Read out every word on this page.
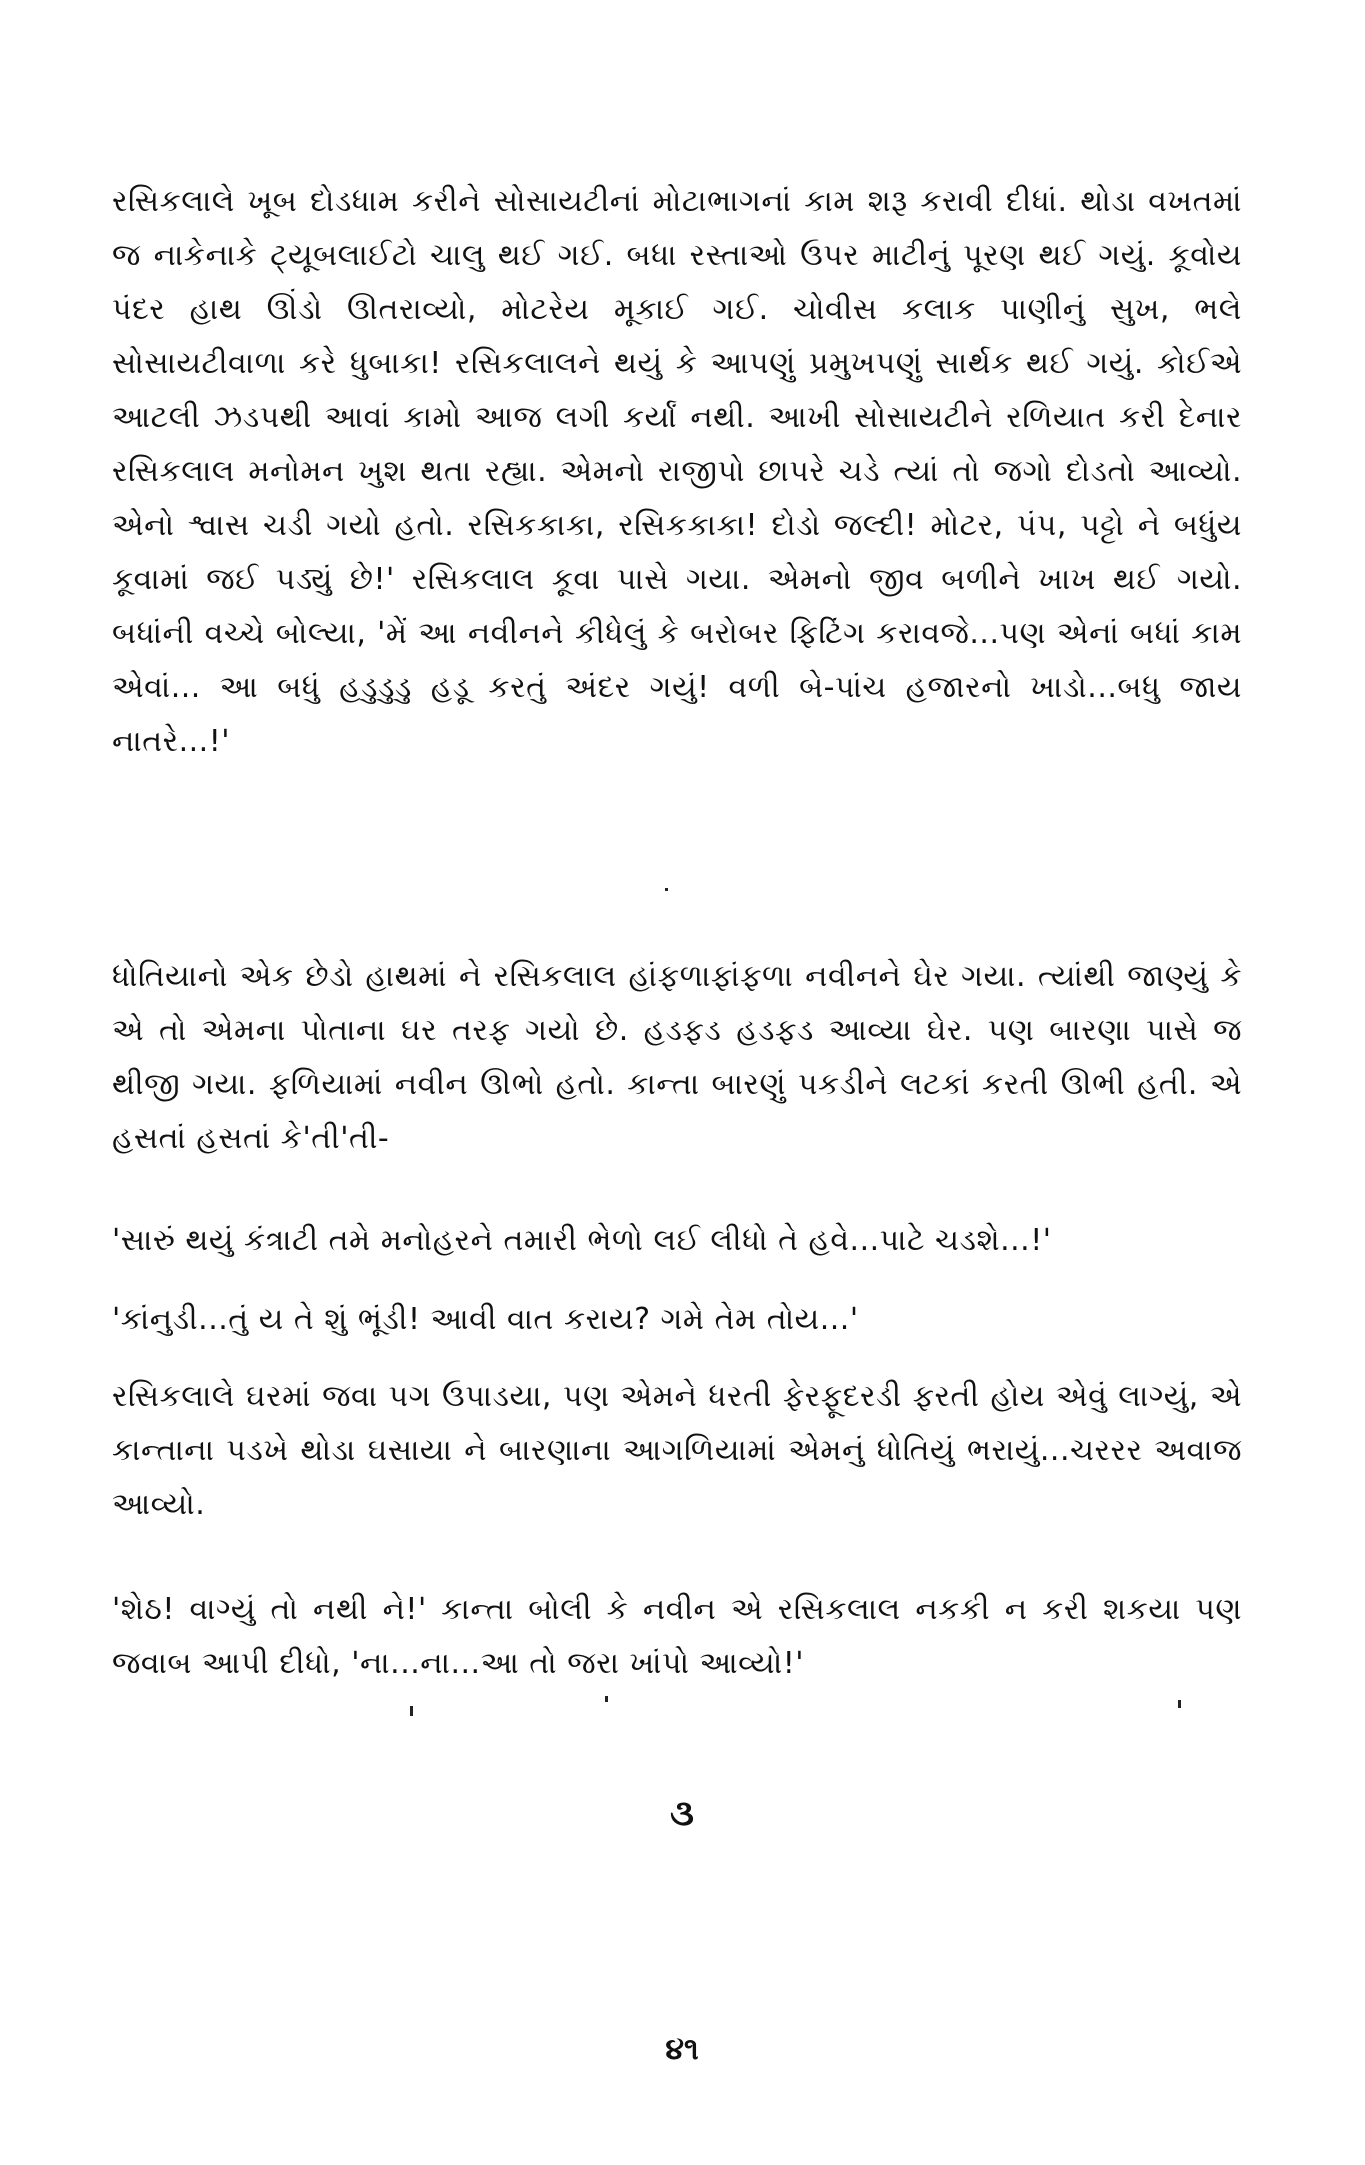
રસિકલાલે ખૂબ દોડધામ કરીને સોસાયટીનાં મોટાભાગનાં કામ શરૂ કરાવી દીધાં. થોડા વખતમાં જ નાકેનાકે ટ્યૂબલાઈટો ચાલુ થઈ ગઈ. બધા રસ્તાઓ ઉપર માટીનું પૂરણ થઈ ગયું. કૂવોય પંદર હાથ ઊંડો ઊતરાવ્યો, મોટરેય મૂકાઈ ગઈ. ચોવીસ કલાક પાણીનું સુખ, ભલે સોસાયટીવાળા કરે ધુબાકા! રસિકલાલને થયું કે આપણું પ્રમુખપણું સાર્થક થઈ ગયું. કોઈએ આટલી ઝડપથી આવાં કામો આજ લગી કર્યાં નથી. આખી સોસાયટીને રળિયાત કરી દેનાર રસિકલાલ મનોમન ખુશ થતા રહ્યા. એમનો રાજીપો છાપરે ચડે ત્યાં તો જગો દોડતો આવ્યો. એનો શ્વાસ ચડી ગયો હતો. રસિકકાકા, રસિકકાકા! દોડો જલ્દી! મોટર, પંપ, પટ્ટો ને બધુંય કૂવામાં જઈ પડ્યું છે!' રસિકલાલ કૂવા પાસે ગયા. એમનો જીવ બળીને ખાખ થઈ ગયો. બધાંની વચ્ચે બોલ્યા, 'મેં આ નવીનને કીધેલું કે બરોબર ફિટિંગ કરાવજે...પણ એનાં બધાં કામ એવાં... આ બધું હડુડુડુ હડૂ કરતું અંદર ગયું! વળી બે-પાંચ હજારનો ખાડો...બધુ જાય નાતરે...!'

ધોતિયાનો એક છેડો હાથમાં ને રસિકલાલ હાંફળાફાંફળા નવીનને ઘેર ગયા. ત્યાંથી જાણ્યું કે એ તો એમના પોતાના ઘર તરફ ગયો છે. હડફડ હડફડ આવ્યા ઘેર. પણ બારણા પાસે જ થીજી ગયા. ફળિયામાં નવીન ઊભો હતો. કાન્તા બારણું પકડીને લટકાં કરતી ઊભી હતી. એ હસતાં હસતાં કે'તી'તી-

'સારું થયું કંત્રાટી તમે મનોહરને તમારી ભેળો લઈ લીધો તે હવે...પાટે ચડશે...!'

'કાંનુડી...તું ય તે શું ભૂંડી! આવી વાત કરાય? ગમે તેમ તોય...'

રસિકલાલે ઘરમાં જવા પગ ઉપાડયા, પણ એમને ધરતી ફેરફૂદરડી ફરતી હોય એવું લાગ્યું, એ કાન્તાના પડખે થોડા ઘસાયા ને બારણાના આગળિયામાં એમનું ધોતિયું ભરાયું...ચરરર અવાજ આવ્યો.

'શેઠ! વાગ્યું તો નથી ને!' કાન્તા બોલી કે નવીન એ રસિકલાલ નકકી ન કરી શકયા પણ જવાબ આપી દીધો, 'ના...ના...આ તો જરા ખાંપો આવ્યો!'

૩
૪૧
